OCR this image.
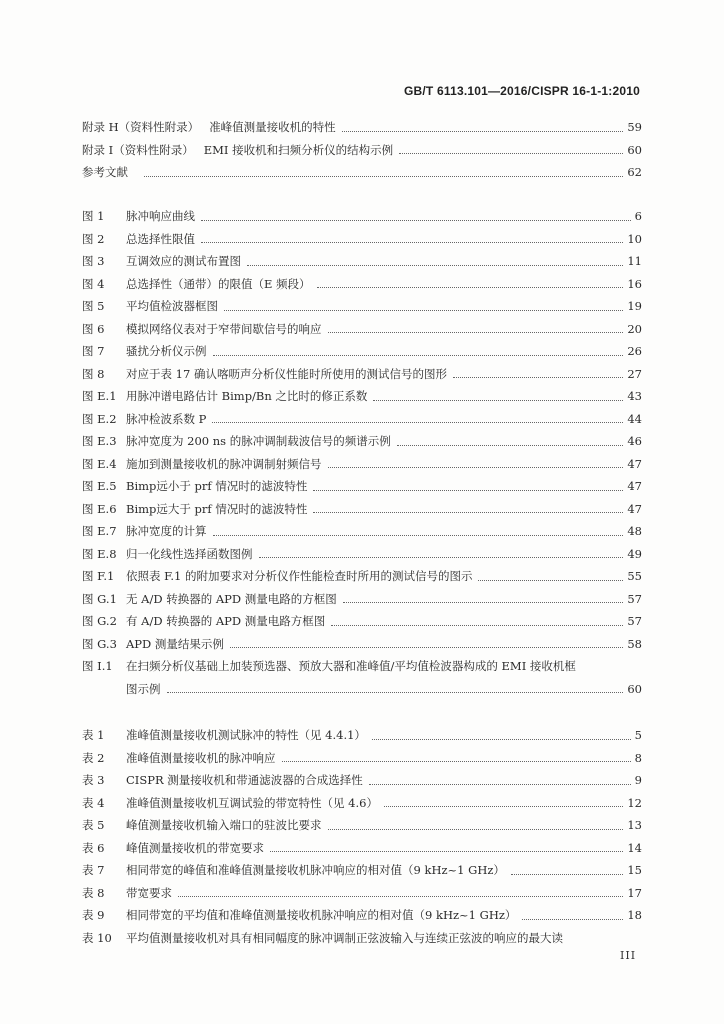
GB/T 6113.101—2016/CISPR 16-1-1:2010
附录 H（资料性附录） 准峰值测量接收机的特性	59
附录 I（资料性附录） EMI 接收机和扫频分析仪的结构示例	60
参考文献	62
图 1	脉冲响应曲线	6
图 2	总选择性限值	10
图 3	互调效应的测试布置图	11
图 4	总选择性（通带）的限值（E 频段）	16
图 5	平均值检波器框图	19
图 6	模拟网络仪表对于窄带间歇信号的响应	20
图 7	骚扰分析仪示例	26
图 8	对应于表 17 确认喀呖声分析仪性能时所使用的测试信号的图形	27
图 E.1 用脉冲谱电路估计 Bimp/Bn 之比时的修正系数	43
图 E.2 脉冲检波系数 P	44
图 E.3 脉冲宽度为 200 ns 的脉冲调制载波信号的频谱示例	46
图 E.4 施加到测量接收机的脉冲调制射频信号	47
图 E.5 Bimp远小于 prf 情况时的滤波特性	47
图 E.6 Bimp远大于 prf 情况时的滤波特性	47
图 E.7 脉冲宽度的计算	48
图 E.8 归一化线性选择函数图例	49
图 F.1	依照表 F.1 的附加要求对分析仪作性能检查时所用的测试信号的图示	55
图 G.1 无 A/D 转换器的 APD 测量电路的方框图	57
图 G.2 有 A/D 转换器的 APD 测量电路方框图	57
图 G.3 APD 测量结果示例	58
图 I.1	在扫频分析仪基础上加装预选器、预放大器和准峰值/平均值检波器构成的 EMI 接收机框
图示例	60
表 1	准峰值测量接收机测试脉冲的特性（见 4.4.1）	5
表 2	准峰值测量接收机的脉冲响应	8
表 3	CISPR 测量接收机和带通滤波器的合成选择性	9
表 4	准峰值测量接收机互调试验的带宽特性（见 4.6）	12
表 5	峰值测量接收机输入端口的驻波比要求	13
表 6	峰值测量接收机的带宽要求	14
表 7	相同带宽的峰值和准峰值测量接收机脉冲响应的相对值（9 kHz~1 GHz）	15
表 8	带宽要求	17
表 9	相同带宽的平均值和准峰值测量接收机脉冲响应的相对值（9 kHz~1 GHz）	18
表 10	平均值测量接收机对具有相同幅度的脉冲调制正弦波输入与连续正弦波的响应的最大读
III
